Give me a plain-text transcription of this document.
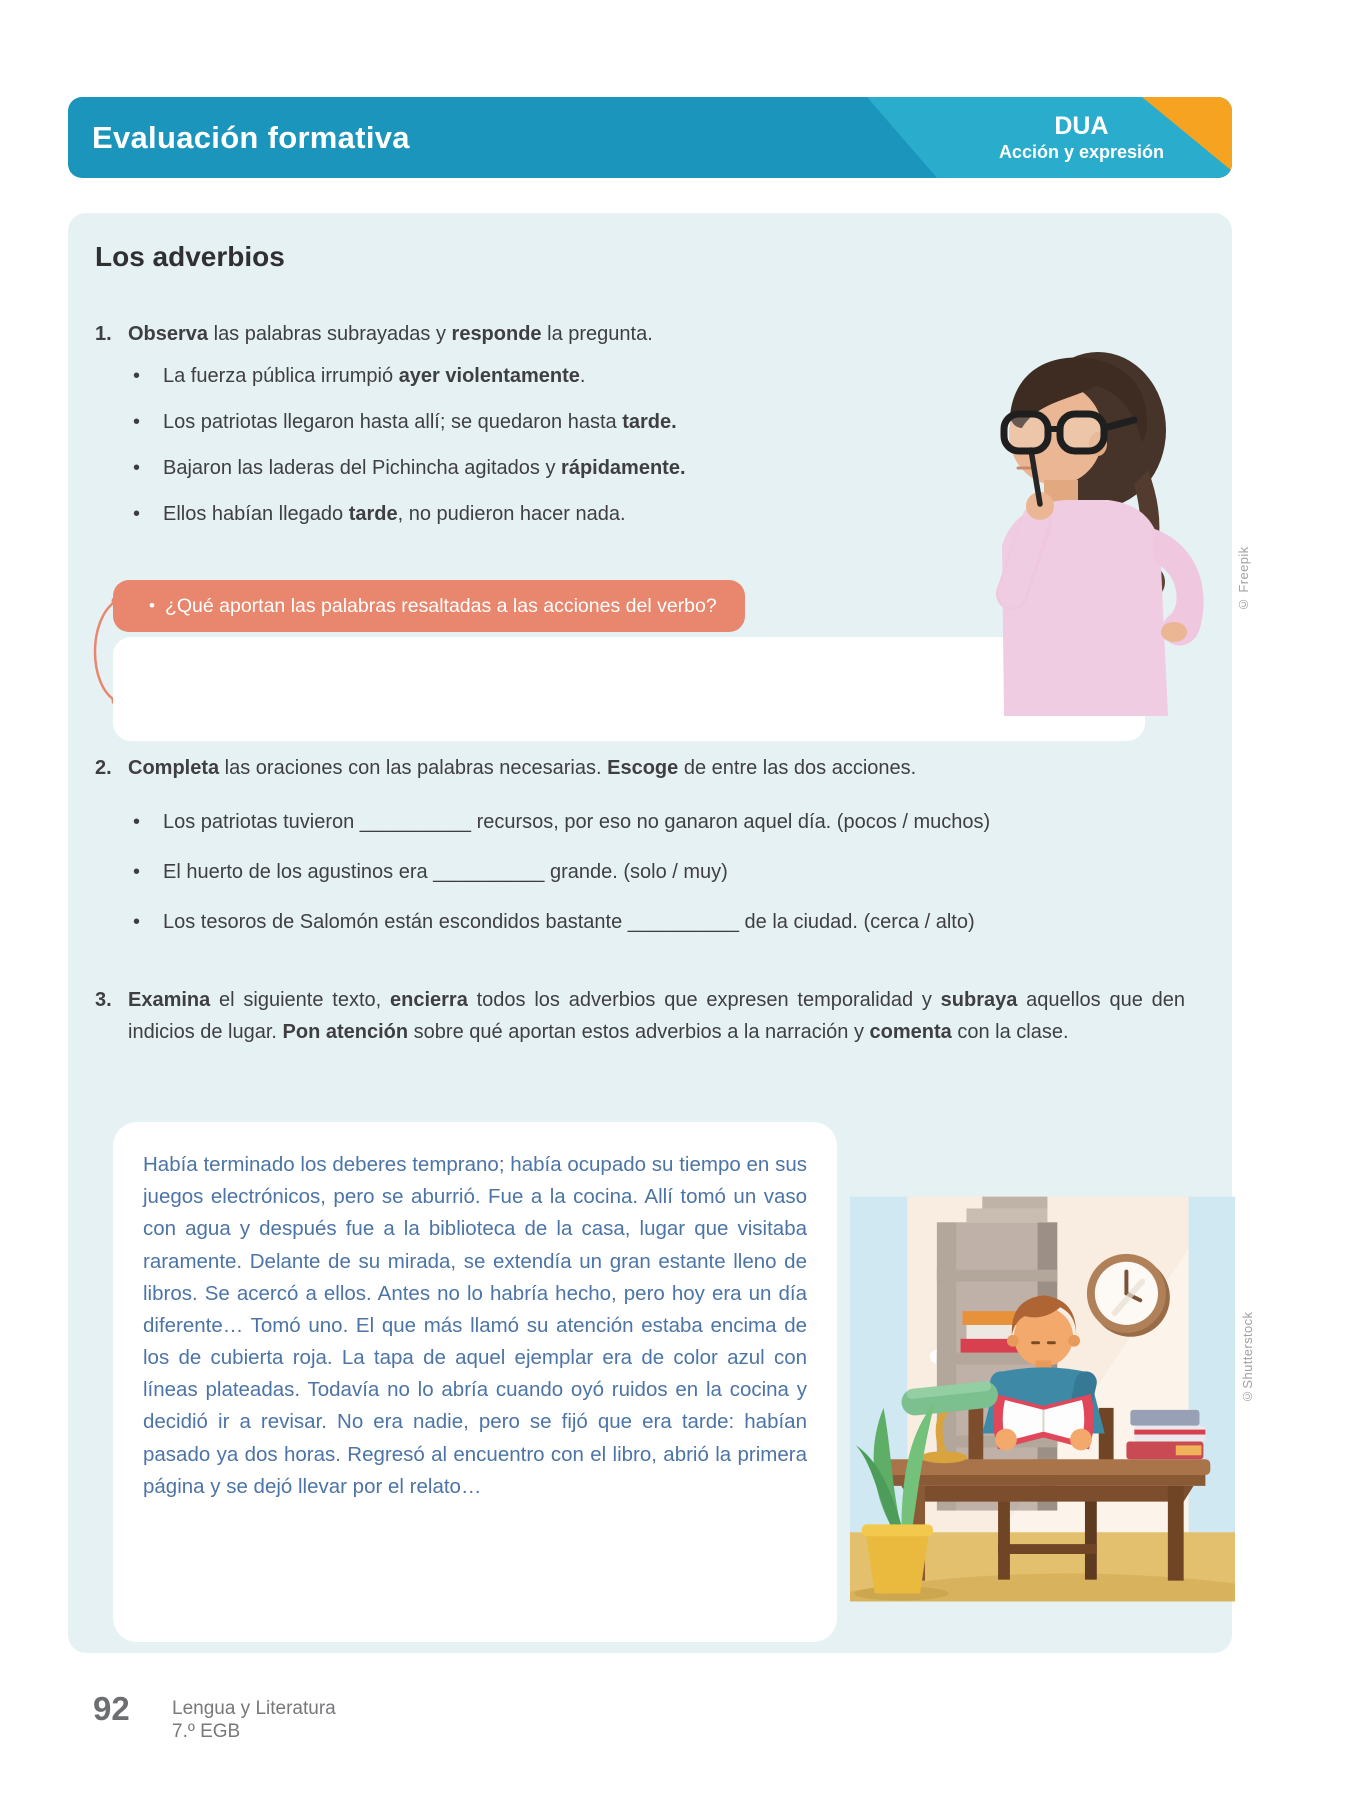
Evaluación formativa	DUA
Acción y expresión
Los adverbios
1. Observa las palabras subrayadas y responde la pregunta.
•	La fuerza pública irrumpió ayer violentamente.
•	Los patriotas llegaron hasta allí; se quedaron hasta tarde.
•	Bajaron las laderas del Pichincha agitados y rápidamente.
•	Ellos habían llegado tarde, no pudieron hacer nada.
• ¿Qué aportan las palabras resaltadas a las acciones del verbo?
2. Completa las oraciones con las palabras necesarias. Escoge de entre las dos acciones.
•	Los patriotas tuvieron __________ recursos, por eso no ganaron aquel día. (pocos / muchos)
•	El huerto de los agustinos era __________ grande. (solo / muy)
•	Los tesoros de Salomón están escondidos bastante __________ de la ciudad. (cerca / alto)
3. Examina el siguiente texto, encierra todos los adverbios que expresen temporalidad y subraya aquellos que den indicios de lugar. Pon atención sobre qué aportan estos adverbios a la narración y comenta con la clase.
Había terminado los deberes temprano; había ocupado su tiempo en sus juegos electrónicos, pero se aburrió. Fue a la cocina. Allí tomó un vaso con agua y después fue a la biblioteca de la casa, lugar que visitaba raramente. Delante de su mirada, se extendía un gran estante lleno de libros. Se acercó a ellos. Antes no lo habría hecho, pero hoy era un día diferente… Tomó uno. El que más llamó su atención estaba encima de los de cubierta roja. La tapa de aquel ejemplar era de color azul con líneas plateadas. Todavía no lo abría cuando oyó ruidos en la cocina y decidió ir a revisar. No era nadie, pero se fijó que era tarde: habían pasado ya dos horas. Regresó al encuentro con el libro, abrió la primera página y se dejó llevar por el relato…
© Freepik
©Shutterstock
92 Lengua y Literatura
7.º EGB
